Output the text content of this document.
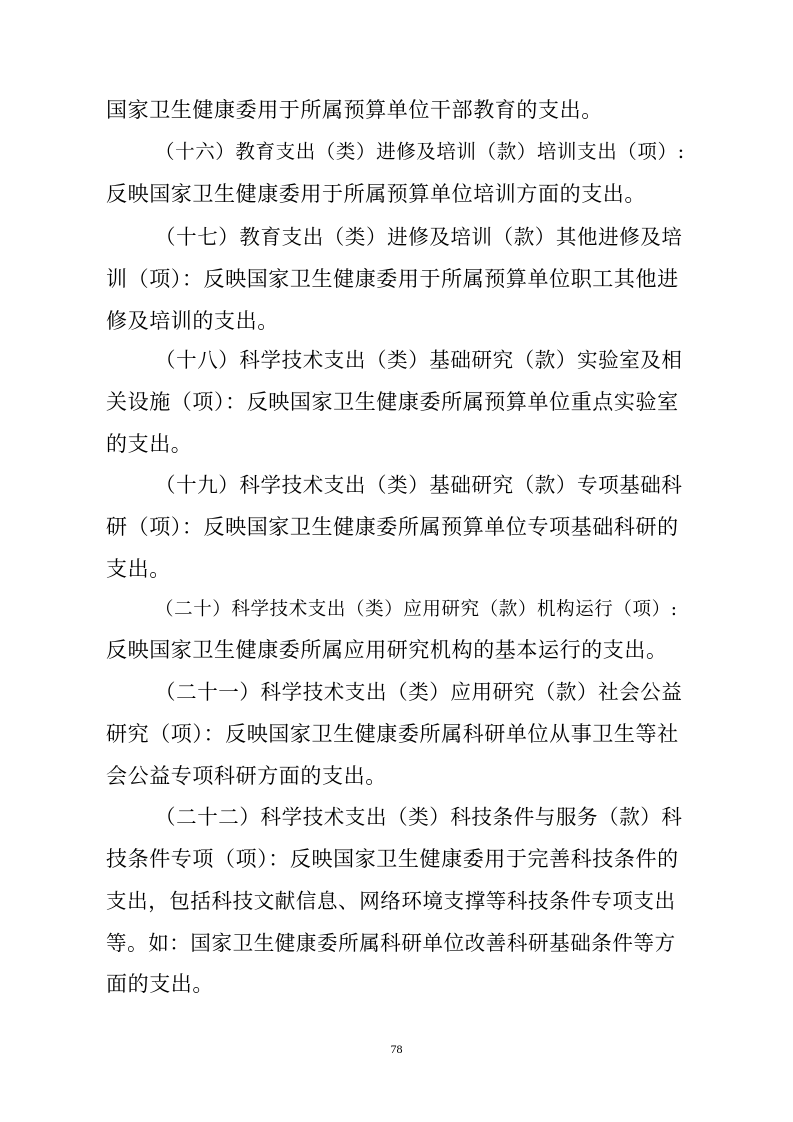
国家卫生健康委用于所属预算单位干部教育的支出。
（十六）教育支出（类）进修及培训（款）培训支出（项）:
反映国家卫生健康委用于所属预算单位培训方面的支出。
（十七）教育支出（类）进修及培训（款）其他进修及培
训（项）：反映国家卫生健康委用于所属预算单位职工其他进
修及培训的支出。
（十八）科学技术支出（类）基础研究（款）实验室及相
关设施（项）：反映国家卫生健康委所属预算单位重点实验室
的支出。
（十九）科学技术支出（类）基础研究（款）专项基础科
研（项）：反映国家卫生健康委所属预算单位专项基础科研的
支出。
（二十）科学技术支出（类）应用研究（款）机构运行（项）:
反映国家卫生健康委所属应用研究机构的基本运行的支出。
（二十一）科学技术支出（类）应用研究（款）社会公益
研究（项）：反映国家卫生健康委所属科研单位从事卫生等社
会公益专项科研方面的支出。
（二十二）科学技术支出（类）科技条件与服务（款）科
技条件专项（项）：反映国家卫生健康委用于完善科技条件的
支出，包括科技文献信息、网络环境支撑等科技条件专项支出
等。如：国家卫生健康委所属科研单位改善科研基础条件等方
面的支出。
78
